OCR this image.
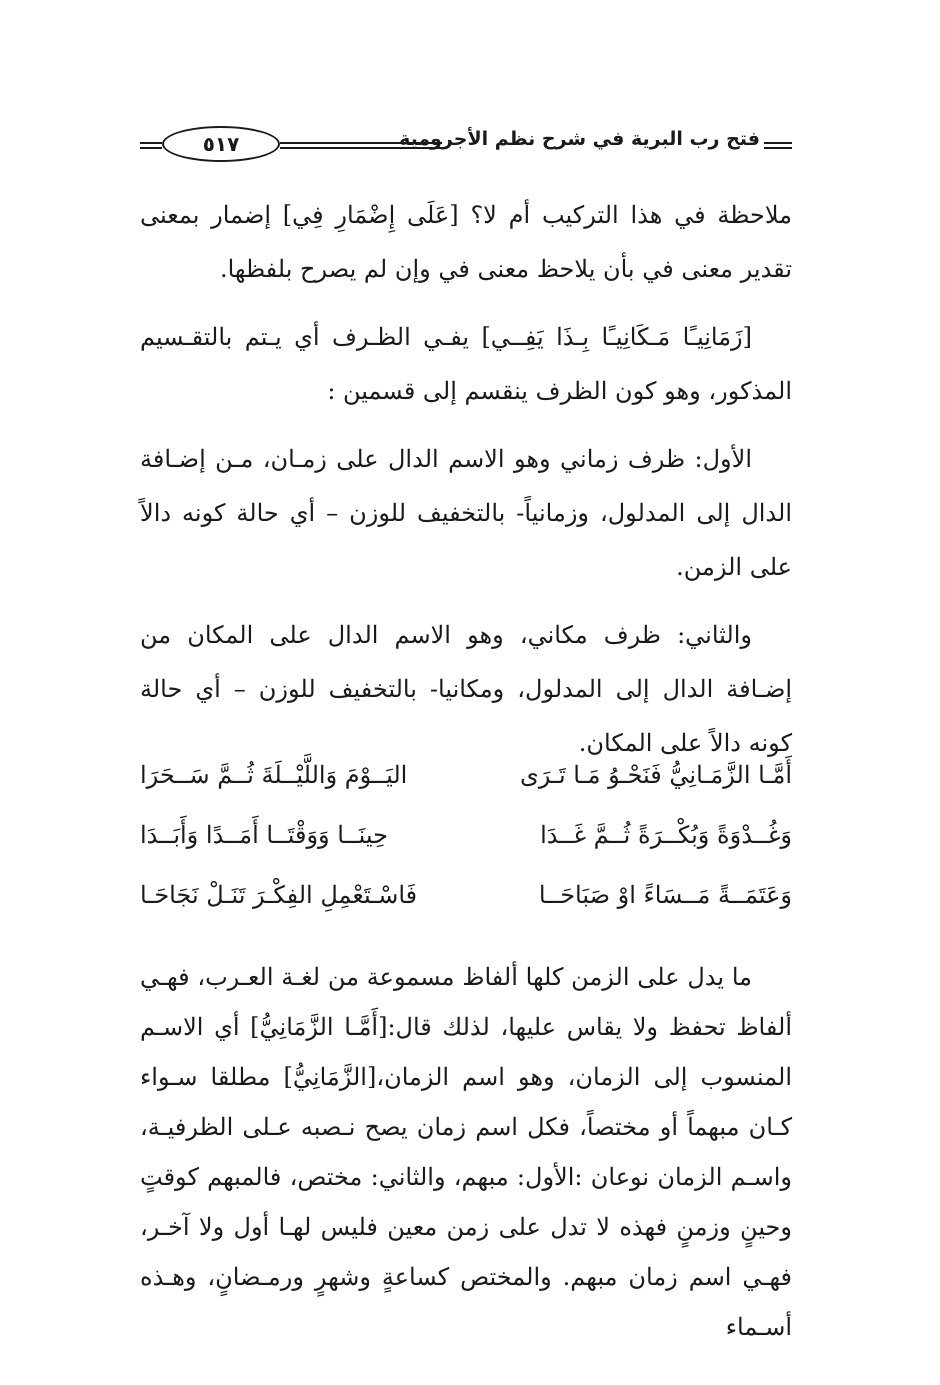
فتح رب البرية في شرح نظم الأجرومية
٥١٧

ملاحظة في هذا التركيب أم لا؟ [عَلَى إِضْمَارِ فِي] إضمار بمعنى تقدير معنى في بأن يلاحظ معنى في وإن لم يصرح بلفظها.

[زَمَانِيـًا مَـكَانِيـًا بِـذَا يَفِــي] يفـي الظـرف أي يـتم بالتقـسيم المذكور، وهو كون الظرف ينقسم إلى قسمين :

الأول: ظرف زماني وهو الاسم الدال على زمـان، مـن إضـافة الدال إلى المدلول، وزمانياً- بالتخفيف للوزن – أي حالة كونه دالاً على الزمن.

والثاني: ظرف مكاني، وهو الاسم الدال على المكان من إضـافة الدال إلى المدلول، ومكانيا- بالتخفيف للوزن – أي حالة كونه دالاً على المكان.

أَمَّـا الزَّمَـانِيُّ فَنَحْـوُ مَـا تَـرَى
اليَــوْمَ وَاللَّيْــلَةَ ثُــمَّ سَــحَرَا
وَغُــدْوَةً وَبُكْــرَةً ثُــمَّ غَــدَا
حِينَــا وَوَقْتَــا أَمَــدًا وَأَبَــدَا
وَعَتَمَــةً مَــسَاءً اوْ صَبَاحَــا
فَاسْـتَعْمِلِ الفِكْـرَ تَنَـلْ نَجَاحَـا

ما يدل على الزمن كلها ألفاظ مسموعة من لغـة العـرب، فهـي ألفاظ تحفظ ولا يقاس عليها، لذلك قال:[أَمَّـا الزَّمَانِيُّ] أي الاسـم المنسوب إلى الزمان، وهو اسم الزمان،[الزَّمَانِيُّ] مطلقا سـواء كـان مبهماً أو مختصاً، فكل اسم زمان يصح نـصبه عـلى الظرفيـة، واسـم الزمان نوعان :الأول: مبهم، والثاني: مختص، فالمبهم كوقتٍ وحينٍ وزمنٍ فهذه لا تدل على زمن معين فليس لهـا أول ولا آخـر، فهـي اسم زمان مبهم. والمختص كساعةٍ وشهرٍ ورمـضانٍ، وهـذه أسـماء
